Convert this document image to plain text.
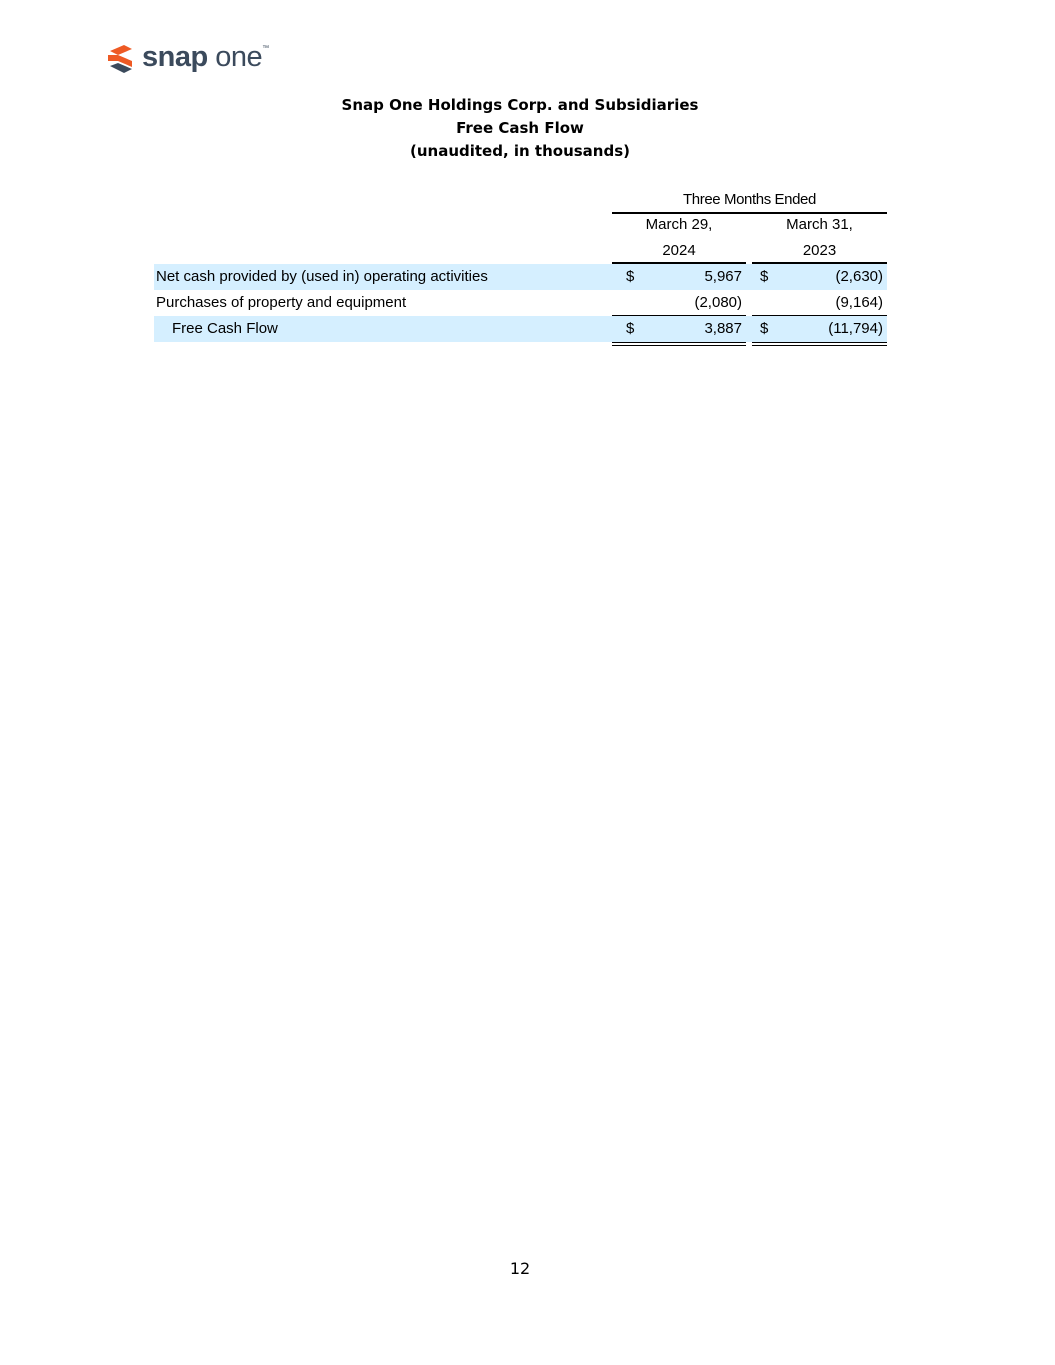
snap one™
Snap One Holdings Corp. and Subsidiaries
Free Cash Flow
(unaudited, in thousands)
Three Months Ended
March 29,	March 31,
2024	2023
Net cash provided by (used in) operating activities	$	5,967 $	(2,630)
Purchases of property and equipment	(2,080)	(9,164)
Free Cash Flow	$	3,887 $	(11,794)
12
